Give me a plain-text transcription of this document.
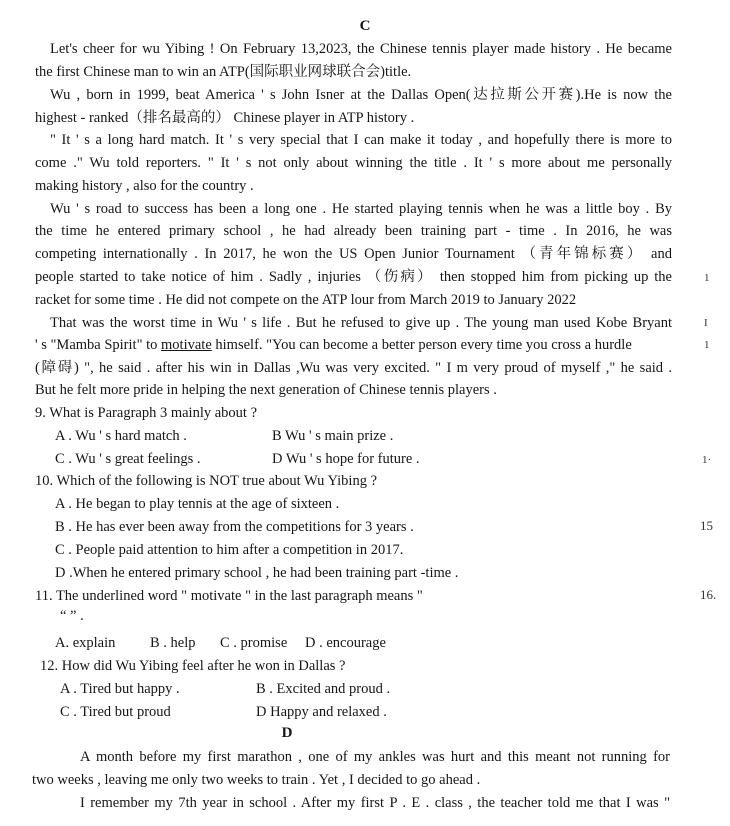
C
Let's cheer for wu Yibing ! On February 13,2023, the Chinese tennis player made history . He became
the first Chinese man to win an ATP(国际职业网球联合会)title.
Wu , born in 1999, beat America ' s John Isner at the Dallas Open(达拉斯公开赛).He is now the
highest - ranked（排名最高的） Chinese player in ATP history .
" It ' s a long hard match. It ' s very special that I can make it today , and hopefully there is more to
come ." Wu told reporters. " It ' s not only about winning the title . It ' s more about me personally
making history , also for the country .
Wu ' s road to success has been a long one . He started playing tennis when he was a little boy . By
the time he entered primary school , he had already been training part - time . In 2016, he was
competing internationally . In 2017, he won the US Open Junior Tournament （青年锦标赛） and
people started to take notice of him . Sadly , injuries （伤病） then stopped him from picking up the
racket for some time . He did not compete on the ATP lour from March 2019 to January 2022
That was the worst time in Wu ' s life . But he refused to give up . The young man used Kobe Bryant
' s "Mamba Spirit" to motivate himself. "You can become a better person every time you cross a hurdle
(障碍) ", he said . after his win in Dallas ,Wu was very excited. " I m very proud of myself ," he said .
But he felt more pride in helping the next generation of Chinese tennis players .
1
I
1
1·
15
16.
9. What is Paragraph 3 mainly about ?
A . Wu ' s hard match .	B Wu ' s main prize .
C . Wu ' s great feelings .	D Wu ' s hope for future .
10. Which of the following is NOT true about Wu Yibing ?
A . He began to play tennis at the age of sixteen .
B . He has ever been away from the competitions for 3 years .
C . People paid attention to him after a competition in 2017.
D .When he entered primary school , he had been training part -time .
11. The underlined word " motivate " in the last paragraph means "
“ ” .
A. explain B . help C . promise D . encourage
12. How did Wu Yibing feel after he won in Dallas ?
A . Tired but happy .	B . Excited and proud .
C . Tired but proud	D Happy and relaxed .
D
A month before my first marathon , one of my ankles was hurt and this meant not running for
two weeks , leaving me only two weeks to train . Yet , I decided to go ahead .
I remember my 7th year in school . After my first P . E . class , the teacher told me that I was "
